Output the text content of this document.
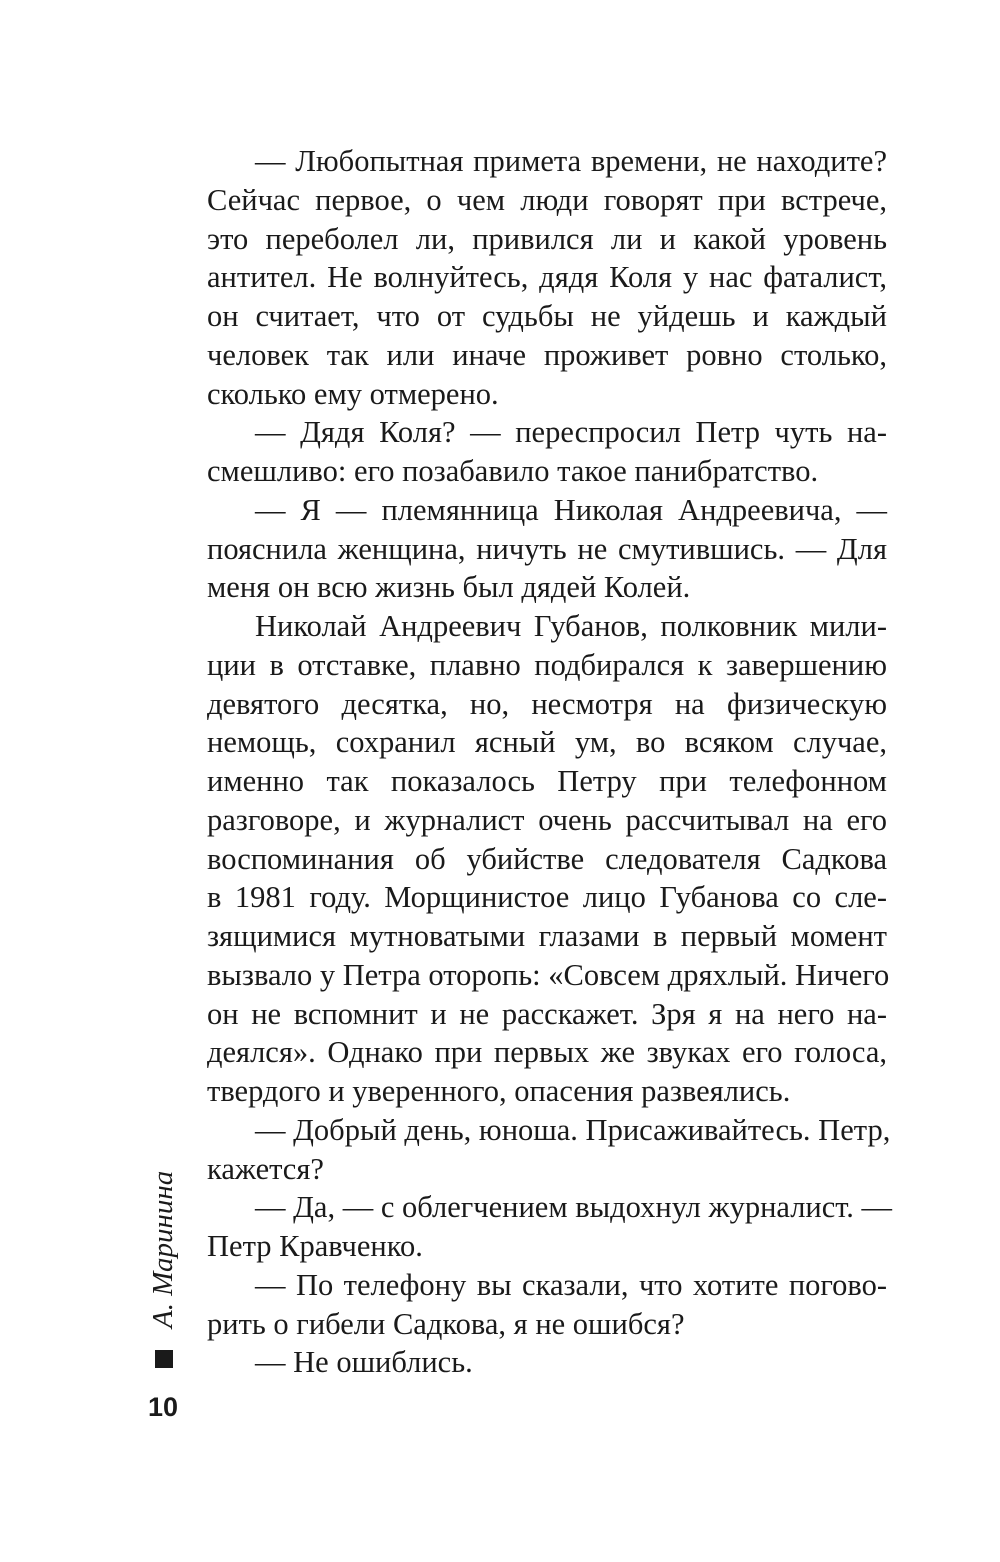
— Любопытная примета времени, не находите?
Сейчас первое, о чем люди говорят при встрече,
это переболел ли, привился ли и какой уровень
антител. Не волнуйтесь, дядя Коля у нас фаталист,
он считает, что от судьбы не уйдешь и каждый
человек так или иначе проживет ровно столько,
сколько ему отмерено.
— Дядя Коля? — переспросил Петр чуть на-
смешливо: его позабавило такое панибратство.
— Я — племянница Николая Андреевича, —
пояснила женщина, ничуть не смутившись. — Для
меня он всю жизнь был дядей Колей.
Николай Андреевич Губанов, полковник мили-
ции в отставке, плавно подбирался к завершению
девятого десятка, но, несмотря на физическую
немощь, сохранил ясный ум, во всяком случае,
именно так показалось Петру при телефонном
разговоре, и журналист очень рассчитывал на его
воспоминания об убийстве следователя Садкова
в 1981 году. Морщинистое лицо Губанова со сле-
зящимися мутноватыми глазами в первый момент
вызвало у Петра оторопь: «Совсем дряхлый. Ничего
он не вспомнит и не расскажет. Зря я на него на-
деялся». Однако при первых же звуках его голоса,
твердого и уверенного, опасения развеялись.
— Добрый день, юноша. Присаживайтесь. Петр,
кажется?
— Да, — с облегчением выдохнул журналист. —
Петр Кравченко.
— По телефону вы сказали, что хотите погово-
рить о гибели Садкова, я не ошибся?
— Не ошиблись.
А. Маринина
10
